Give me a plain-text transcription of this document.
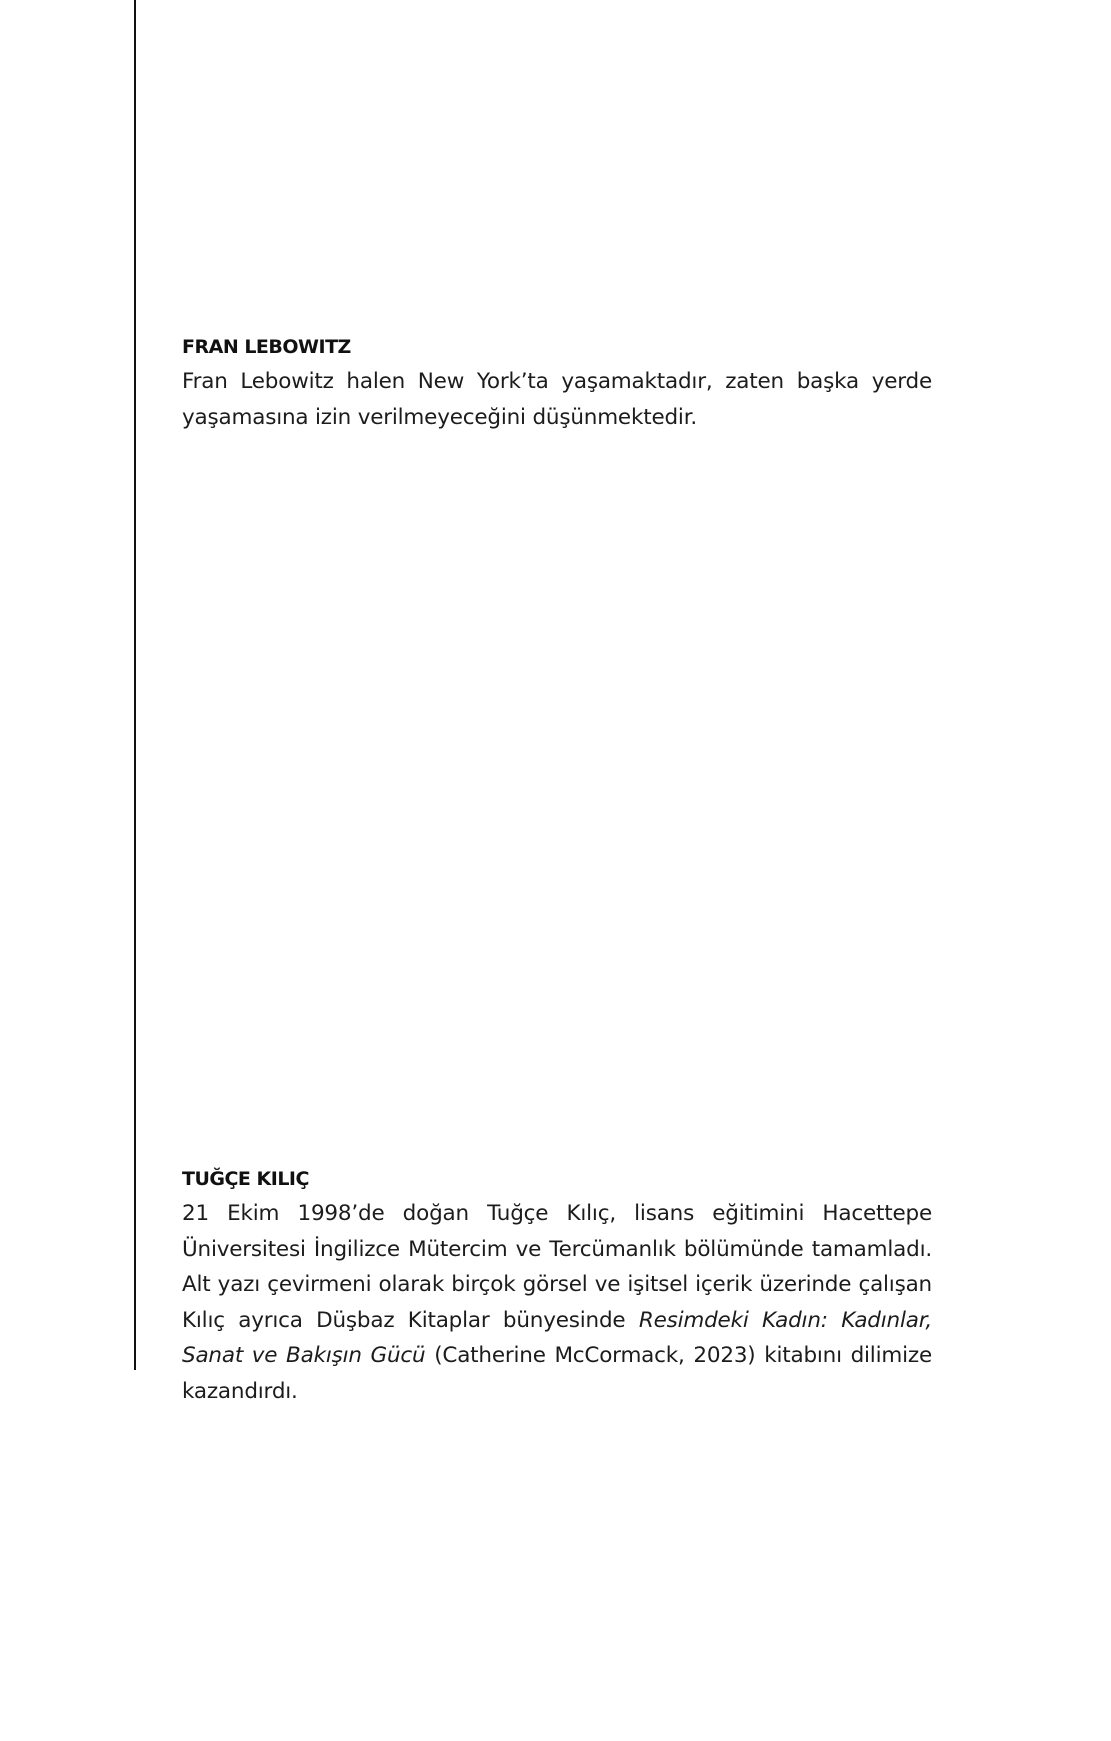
FRAN LEBOWITZ

Fran Lebowitz halen New York’ta yaşamaktadır, zaten başka yerde yaşamasına izin verilmeyeceğini düşünmektedir.

TUĞÇE KILIÇ

21 Ekim 1998’de doğan Tuğçe Kılıç, lisans eğitimini Hacettepe Üniversitesi İngilizce Mütercim ve Tercümanlık bölümünde tamamladı. Alt yazı çevirmeni olarak birçok görsel ve işitsel içerik üzerinde çalışan Kılıç ayrıca Düşbaz Kitaplar bünyesinde Resimdeki Kadın: Kadınlar, Sanat ve Bakışın Gücü (Catherine McCormack, 2023) kitabını dilimize kazandırdı.
